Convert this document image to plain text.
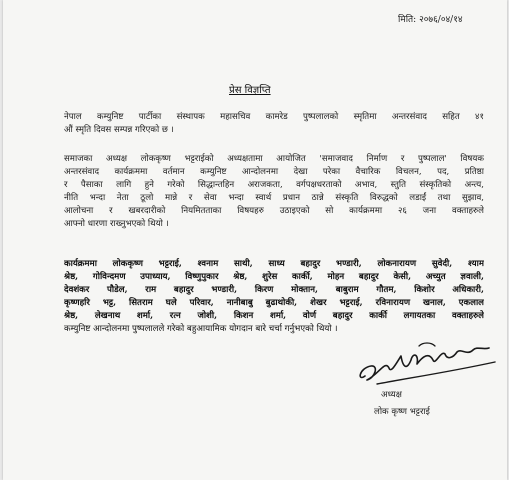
मिति: २०७६/०४/१४
प्रेस विज्ञप्ति
नेपाल कम्युनिष्ट पार्टीका संस्थापक महासचिव कामरेड पुष्पलालको स्मृतिमा अन्तरसंवाद सहित ४१
औं स्मृति दिवस सम्पन्न गरिएको छ ।
समाजका अध्यक्ष लोककृष्ण भट्टराईको अध्यक्षतामा आयोजित 'समाजवाद निर्माण र पुष्पलाल' विषयक
अन्तरसंवाद कार्यक्रममा वर्तमान कम्युनिष्ट आन्दोलनमा देखा परेका वैचारिक विचलन, पद, प्रतिष्ठा
र पैसाका लागि हुने गरेको सिद्धान्तहिन अराजकता, वर्गपक्षधरताको अभाव, स्तुति संस्कृतिको अन्त्य,
नीति भन्दा नेता ठूलो मान्ने र सेवा भन्दा स्वार्थ प्रधान ठान्ने संस्कृति विरुद्धको लडाईं तथा सुझाव,
आलोचना र खबरदारीको नियमितताका विषयहरु उठाइएको सो कार्यक्रममा २६ जना वक्ताहरुले
आफ्नो धारणा राख्नुभएको थियो ।
कार्यक्रममा लोककृष्ण भट्टराई, श्वनाम साथी, साध्य बहादुर भण्डारी, लोकनारायण सुवेदी, श्याम
श्रेष्ठ, गोविन्दमण उपाध्याय, विष्णुपुकार श्रेष्ठ, शुरेस कार्की, मोहन बहादुर केसी, अच्युत ज्ञवाली,
देवशंकर पौडेल, राम बहादुर भण्डारी, किरण मोक्तान, बाबुराम गौतम, किशोर अधिकारी,
कृष्णहरि भट्ट, सितराम घले परिवार, नानीबाबु बुढाथोकी, शेखर भट्टराई, रविनारायण खनाल, एकलाल
श्रेष्ठ, लेखनाथ शर्मा, रत्न जोशी, किशन शर्मा, वोर्ण बहादुर कार्की लगायतका वक्ताहरुले
कम्युनिष्ट आन्दोलनमा पुष्पलालले गरेको बहुआयामिक योगदान बारे चर्चा गर्नुभएको थियो ।
अध्यक्ष
लोक कृष्ण भट्टराई
